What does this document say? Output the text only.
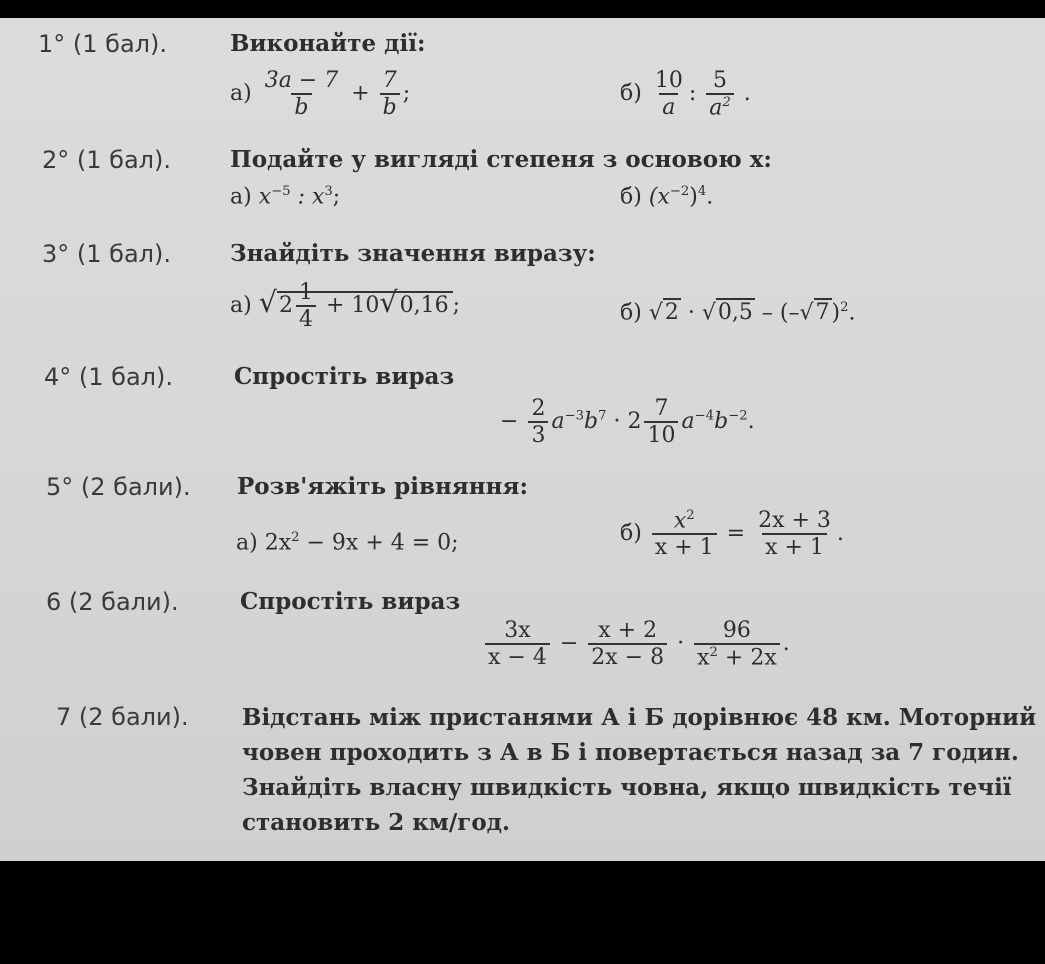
1° (1 бал).	Виконайте дії:
$а) \frac{3a - 7}{b} + \frac{7}{b}$ ;	$б) \frac{10}{a}$ : $\frac{5}{a^2}$ .
2° (1 бал).	Подайте у вигляді степеня з основою x:
а) $x^{-5}$ : $x^3$;	б) $(x^{-2})^4$.
3° (1 бал).	Знайдіть значення виразу:
а) $√2 \frac{1}{4} + 10√0,16$ ;	б) $√2 \cdot √0,5 - (-√7)^2$.
4° (1 бал).	Спростіть вираз
− $\frac{2}{3} a^{-3}b^7 \cdot 2 \frac{7}{10} a^{-4}b^{-2}$.
5° (2 бали). Розв'яжіть рівняння:
а) $2x^2 - 9x + 4 = 0$;	$б) \frac{x^2}{x + 1} = \frac{2x + 3}{x + 1}$ .
6 (2 бали).	Спростіть вираз
$\frac{3x}{x - 4} - \frac{x + 2}{2x - 8} \cdot \frac{96}{x^2 + 2x}$ .
7 (2 бали). Відстань між пристанями А і Б дорівнює 48 км. Моторний човен проходить з А в Б і повертається назад за 7 годин. Знайдіть власну швидкість човна, якщо швидкість течії становить 2 км/год.
